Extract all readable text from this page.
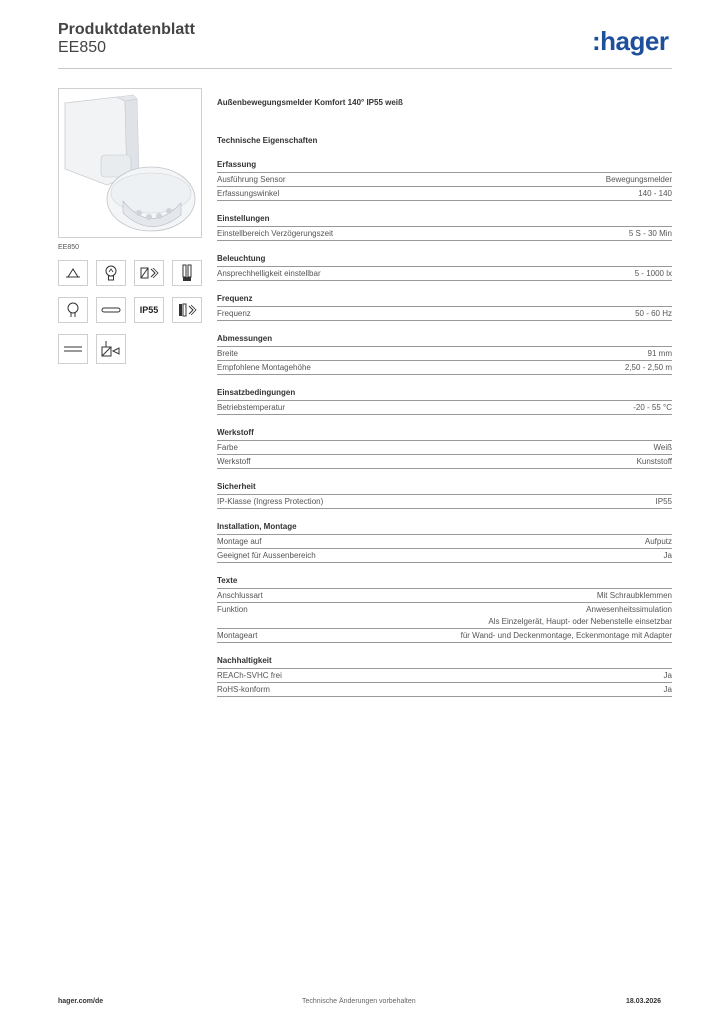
Produktdatenblatt
EE850	:hager
EE850
IP55
Außenbewegungsmelder Komfort 140° IP55 weiß
Technische Eigenschaften
Erfassung
Ausführung Sensor	Bewegungsmelder
Erfassungswinkel	140 - 140
Einstellungen
Einstellbereich Verzögerungszeit	5 S - 30 Min
Beleuchtung
Ansprechhelligkeit einstellbar	5 - 1000 lx
Frequenz
Frequenz	50 - 60 Hz
Abmessungen
Breite	91 mm
Empfohlene Montagehöhe	2,50 - 2,50 m
Einsatzbedingungen
Betriebstemperatur	-20 - 55 °C
Werkstoff
Farbe	Weiß
Werkstoff	Kunststoff
Sicherheit
IP-Klasse (Ingress Protection)	IP55
Installation, Montage
Montage auf	Aufputz
Geeignet für Aussenbereich	Ja
Texte
Anschlussart	Mit Schraubklemmen
Funktion	Anwesenheitssimulation
Als Einzelgerät, Haupt- oder Nebenstelle einsetzbar
Montageart	für Wand- und Deckenmontage, Eckenmontage mit Adapter
Nachhaltigkeit
REACh-SVHC frei	Ja
RoHS-konform	Ja
hager.com/de	Technische Änderungen vorbehalten	18.03.2026
